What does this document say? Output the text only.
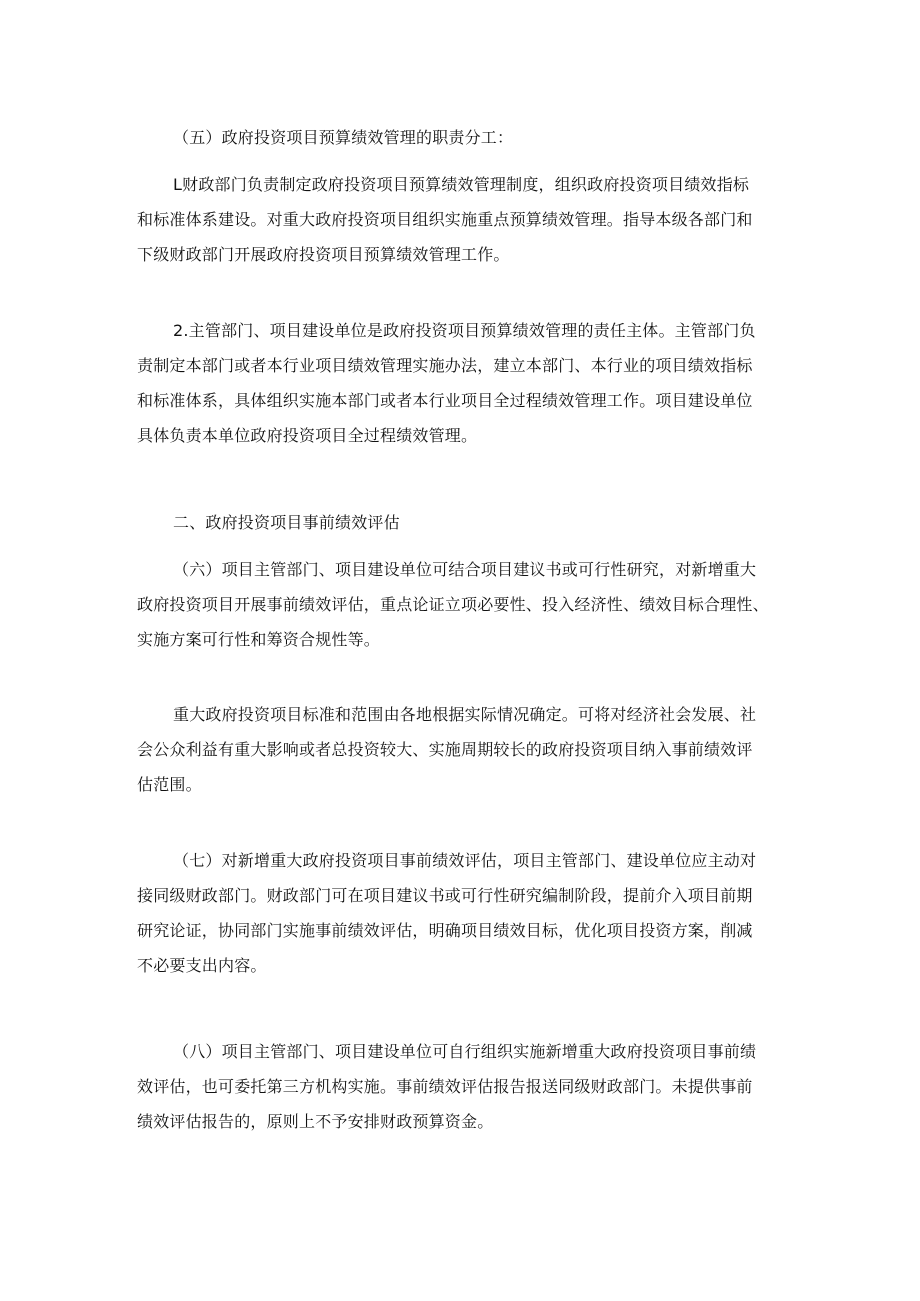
（五）政府投资项目预算绩效管理的职责分工：

L财政部门负责制定政府投资项目预算绩效管理制度，组织政府投资项目绩效指标
和标准体系建设。对重大政府投资项目组织实施重点预算绩效管理。指导本级各部门和
下级财政部门开展政府投资项目预算绩效管理工作。

2.主管部门、项目建设单位是政府投资项目预算绩效管理的责任主体。主管部门负
责制定本部门或者本行业项目绩效管理实施办法，建立本部门、本行业的项目绩效指标
和标准体系，具体组织实施本部门或者本行业项目全过程绩效管理工作。项目建设单位
具体负责本单位政府投资项目全过程绩效管理。

二、政府投资项目事前绩效评估

（六）项目主管部门、项目建设单位可结合项目建议书或可行性研究，对新增重大
政府投资项目开展事前绩效评估，重点论证立项必要性、投入经济性、绩效目标合理性、
实施方案可行性和筹资合规性等。

重大政府投资项目标准和范围由各地根据实际情况确定。可将对经济社会发展、社
会公众利益有重大影响或者总投资较大、实施周期较长的政府投资项目纳入事前绩效评
估范围。

（七）对新增重大政府投资项目事前绩效评估，项目主管部门、建设单位应主动对
接同级财政部门。财政部门可在项目建议书或可行性研究编制阶段，提前介入项目前期
研究论证，协同部门实施事前绩效评估，明确项目绩效目标，优化项目投资方案，削减
不必要支出内容。

（八）项目主管部门、项目建设单位可自行组织实施新增重大政府投资项目事前绩
效评估，也可委托第三方机构实施。事前绩效评估报告报送同级财政部门。未提供事前
绩效评估报告的，原则上不予安排财政预算资金。
